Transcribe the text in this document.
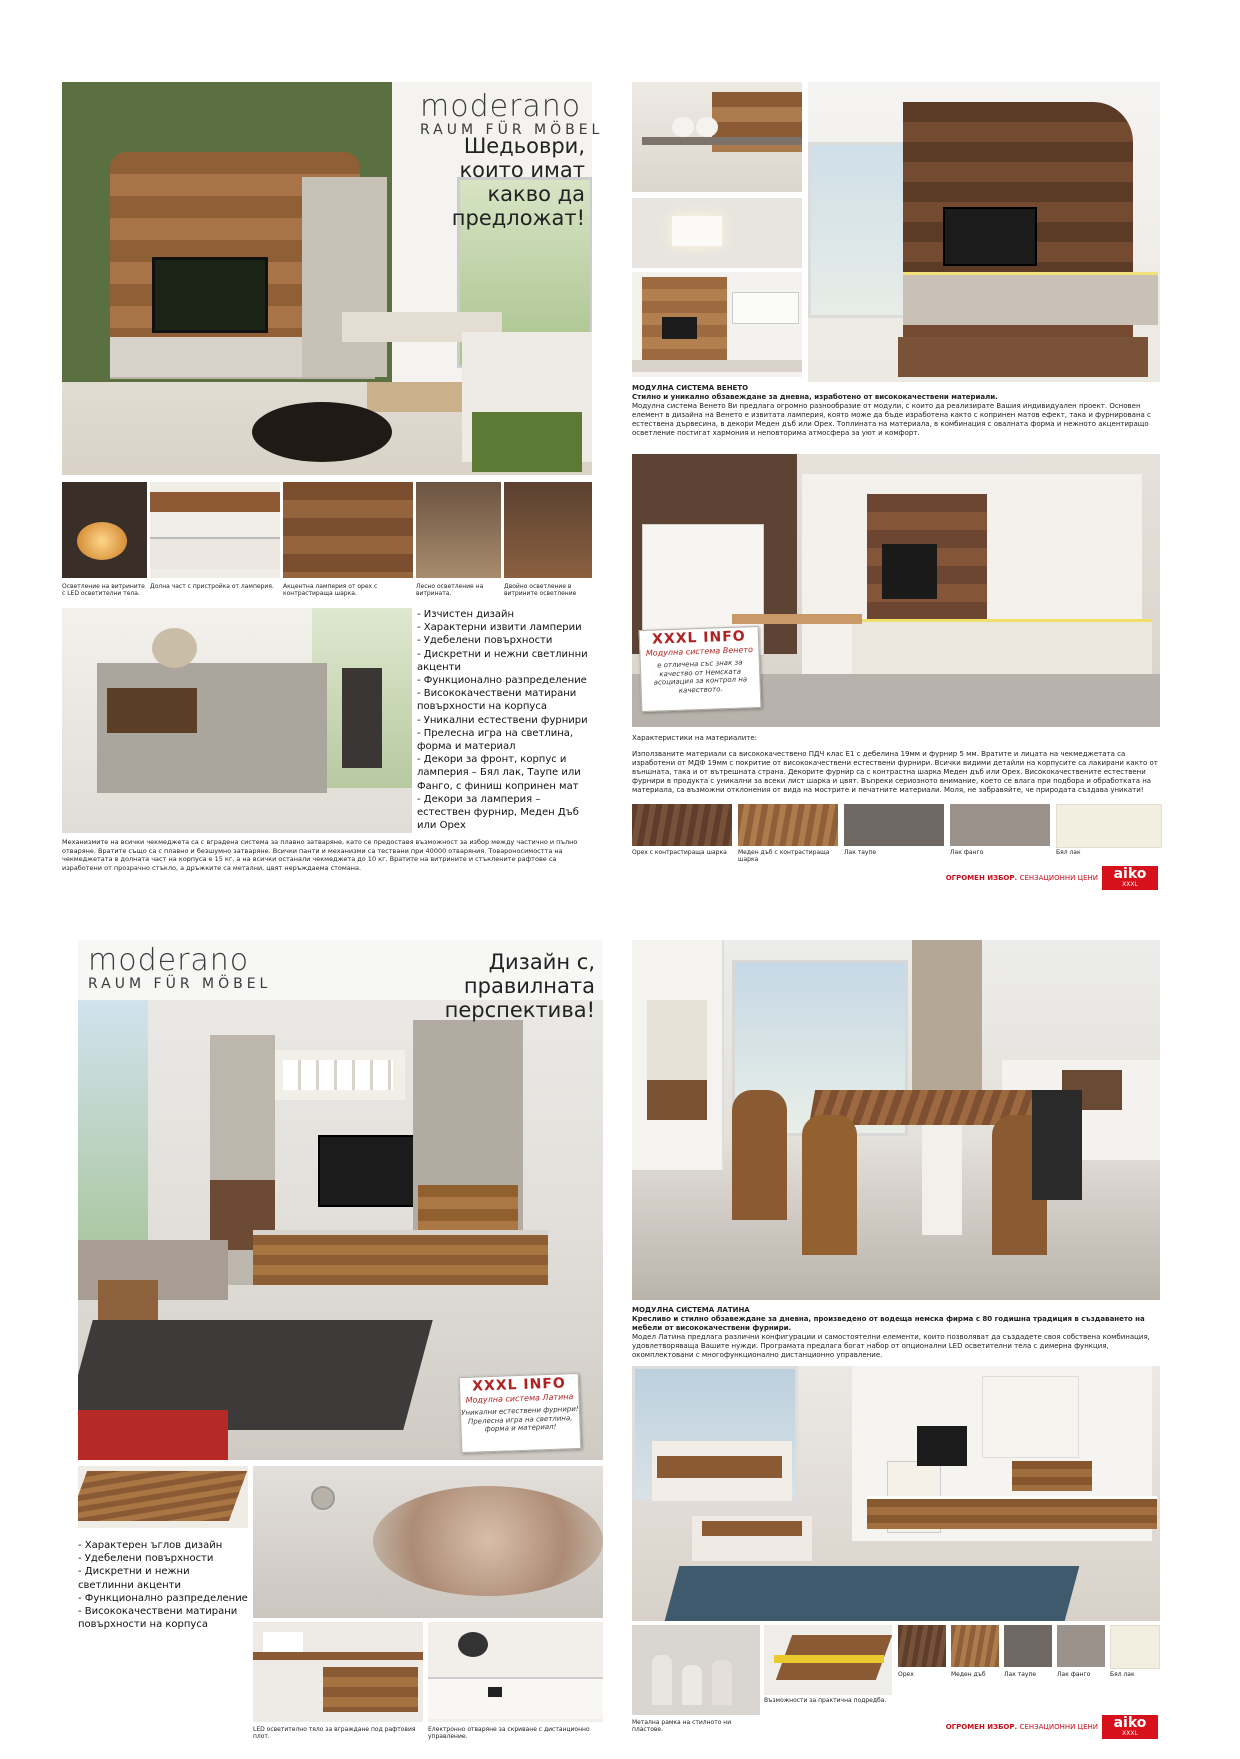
moderano
RAUM FÜR MÖBEL
Шедьоври, които имат какво да предложат!
Осветление на витрините с LED осветителни тела.
Долна част с пристройка от ламперия.	Акцентна ламперия от орех с контрастираща шарка.
Лесно осветление на витрината.
Двойно осветление в витрините осветление
- Изчистен дизайн
- Характерни извити ламперии
- Удебелени повърхности
- Дискретни и нежни светлинни акценти
- Функционално разпределение
- Висококачествени матирани повърхности на корпуса
- Уникални естествени фурнири
- Прелесна игра на светлина, форма и материал
- Декори за фронт, корпус и ламперия – Бял лак, Таупе или Фанго, с финиш копринен мат
- Декори за ламперия – естествен фурнир, Меден Дъб или Орех
Механизмите на всички чекмеджета са с вградена система за плавно затваряне, като се предоставя възможност за избор между частично и пълно отваряне. Вратите също са с плавно и безшумно затваряне. Всички панти и механизми са тествани при 40000 отваряния. Товароносимостта на чекмеджетата в долната част на корпуса е 15 кг, а на всички останали чекмеджета до 10 кг. Вратите на витрините и стъклените рафтове са изработени от прозрачно стъкло, а дръжките са метални, цвят неръждаема стомана.
МОДУЛНА СИСТЕМА ВЕНЕТО
Стилно и уникално обзавеждане за дневна, изработено от висококачествени материали.
Модулна система Венето Ви предлага огромно разнообразие от модули, с които да реализирате Вашия индивидуален проект. Основен елемент в дизайна на Венето е извитата ламперия, която може да бъде изработена както с копринен матов ефект, така и фурнирована с естествена дървесина, в декори Меден дъб или Орех. Топлината на материала, в комбинация с овалната форма и нежното акцентиращо осветление постигат хармония и неповторима атмосфера за уют и комфорт.
XXXL INFO
Модулна система Венето
е отличена със знак за качество от Немската асоциация за контрол на качеството.
Характеристики на материалите:
Използваните материали са висококачествено ПДЧ клас Е1 с дебелина 19мм и фурнир 5 мм. Вратите и лицата на чекмеджетата са изработени от МДФ 19мм с покритие от висококачествени естествени фурнири. Всички видими детайли на корпусите са лакирани както от външната, така и от вътрешната страна. Декорите фурнир са с контрастна шарка Меден дъб или Орех. Висококачествените естествени фурнири в продукта с уникални за всеки лист шарка и цвят. Въпреки сериозното внимание, което се влага при подбора и обработката на материала, са възможни отклонения от вида на мострите и печатните материали. Моля, не забравяйте, че природата създава уникати!
Орех с контрастираща шарка	Меден дъб с контрастираща шарка
Лак таупе	Лак фанго	Бял лак
ОГРОМЕН ИЗБОР. СЕНЗАЦИОННИ ЦЕНИ	aiko
XXXL
moderano
RAUM FÜR MÖBEL
Дизайн с, правилната перспектива!
XXXL INFO
Модулна система Латина
Уникални естествени фурнири! Прелесна игра на светлина, форма и материал!
- Характерен ъглов дизайн
- Удебелени повърхности
- Дискретни и нежни светлинни акценти
- Функционално разпределение
- Висококачествени матирани повърхности на корпуса
LED осветително тяло за вграждане под рафтовия плот.
Електронно отваряне за скриване с дистанционно управление.
МОДУЛНА СИСТЕМА ЛАТИНА
Кресливо и стилно обзавеждане за дневна, произведено от водеща немска фирма с 80 годишна традиция в създаването на мебели от висококачествени фурнири.
Модел Латина предлага различни конфигурации и самостоятелни елементи, които позволяват да създадете своя собствена комбинация, удовлетворяваща Вашите нужди. Програмата предлага богат набор от опционални LED осветителни тела с димерна функция, окомплектовани с многофункционално дистанционно управление.
Метална рамка на стилното ни пластове.
Възможности за практична подредба.
Орех	Меден дъб	Лак таупе	Лак фанго	Бял лак
ОГРОМЕН ИЗБОР. СЕНЗАЦИОННИ ЦЕНИ	aiko
XXXL
